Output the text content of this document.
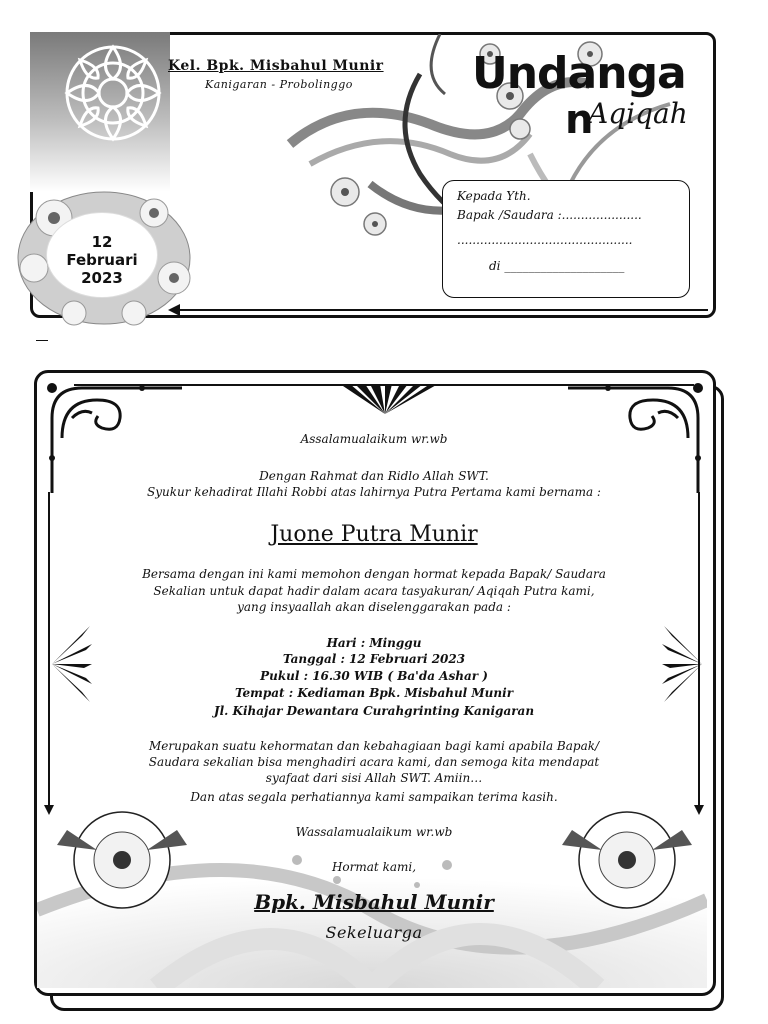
Kel. Bpk. Misbahul Munir
Kanigaran - Probolinggo	Undanga
n
Aqiqah
Kepada Yth.
Bapak /Saudara :.....................
..............................................
di ____________________
12
Februari
2023
Assalamualaikum wr.wb
Dengan Rahmat dan Ridlo Allah SWT.
Syukur kehadirat Illahi Robbi atas lahirnya Putra Pertama kami bernama :
Juone Putra Munir
Bersama dengan ini kami memohon dengan hormat kepada Bapak/ Saudara
Sekalian untuk dapat hadir dalam acara tasyakuran/ Aqiqah Putra kami,
yang insyaallah akan diselenggarakan pada :
Hari : Minggu
Tanggal : 12 Februari 2023
Pukul : 16.30 WIB ( Ba'da Ashar )
Tempat : Kediaman Bpk. Misbahul Munir
Jl. Kihajar Dewantara Curahgrinting Kanigaran
Merupakan suatu kehormatan dan kebahagiaan bagi kami apabila Bapak/
Saudara sekalian bisa menghadiri acara kami, dan semoga kita mendapat
syafaat dari sisi Allah SWT. Amiin…
Dan atas segala perhatiannya kami sampaikan terima kasih.
Wassalamualaikum wr.wb
Hormat kami,
Bpk. Misbahul Munir
Sekeluarga
